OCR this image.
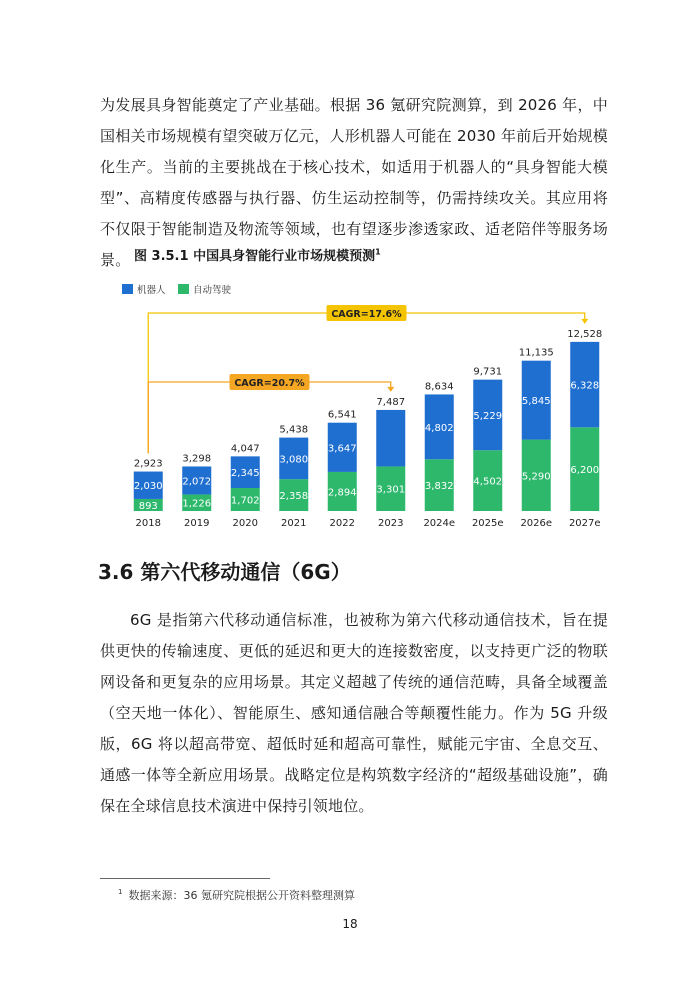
为发展具身智能奠定了产业基础。根据 36 氪研究院测算，到 2026 年，中国相关市场规模有望突破万亿元，人形机器人可能在 2030 年前后开始规模化生产。当前的主要挑战在于核心技术，如适用于机器人的“具身智能大模型”、高精度传感器与执行器、仿生运动控制等，仍需持续攻关。其应用将不仅限于智能制造及物流等领域，也有望逐步渗透家政、适老陪伴等服务场景。 图 3.5.1 中国具身智能行业市场规模预测$^1$
机器人	自动驾驶
893
2,030
2,923
2018
1,226
2,072
3,298
2019
1,702
2,345
4,047
2020
2,358
3,080
5,438
2021
2,894
3,647
6,541
2022
3,301
7,487
2023
3,832
4,802
8,634
2024e
4,502
5,229
9,731
2025e
5,290
5,845
11,135
2026e
6,200
6,328
12,528
2027e
CAGR=17.6%
CAGR=20.7%
3.6 第六代移动通信（6G）

6G 是指第六代移动通信标准，也被称为第六代移动通信技术，旨在提供更快的传输速度、更低的延迟和更大的连接数密度，以支持更广泛的物联网设备和更复杂的应用场景。其定义超越了传统的通信范畴，具备全域覆盖（空天地一体化）、智能原生、感知通信融合等颠覆性能力。作为 5G 升级版，6G 将以超高带宽、超低时延和超高可靠性，赋能元宇宙、全息交互、通感一体等全新应用场景。战略定位是构筑数字经济的“超级基础设施”，确保在全球信息技术演进中保持引领地位。

$^1$ 数据来源：36 氪研究院根据公开资料整理测算
18
